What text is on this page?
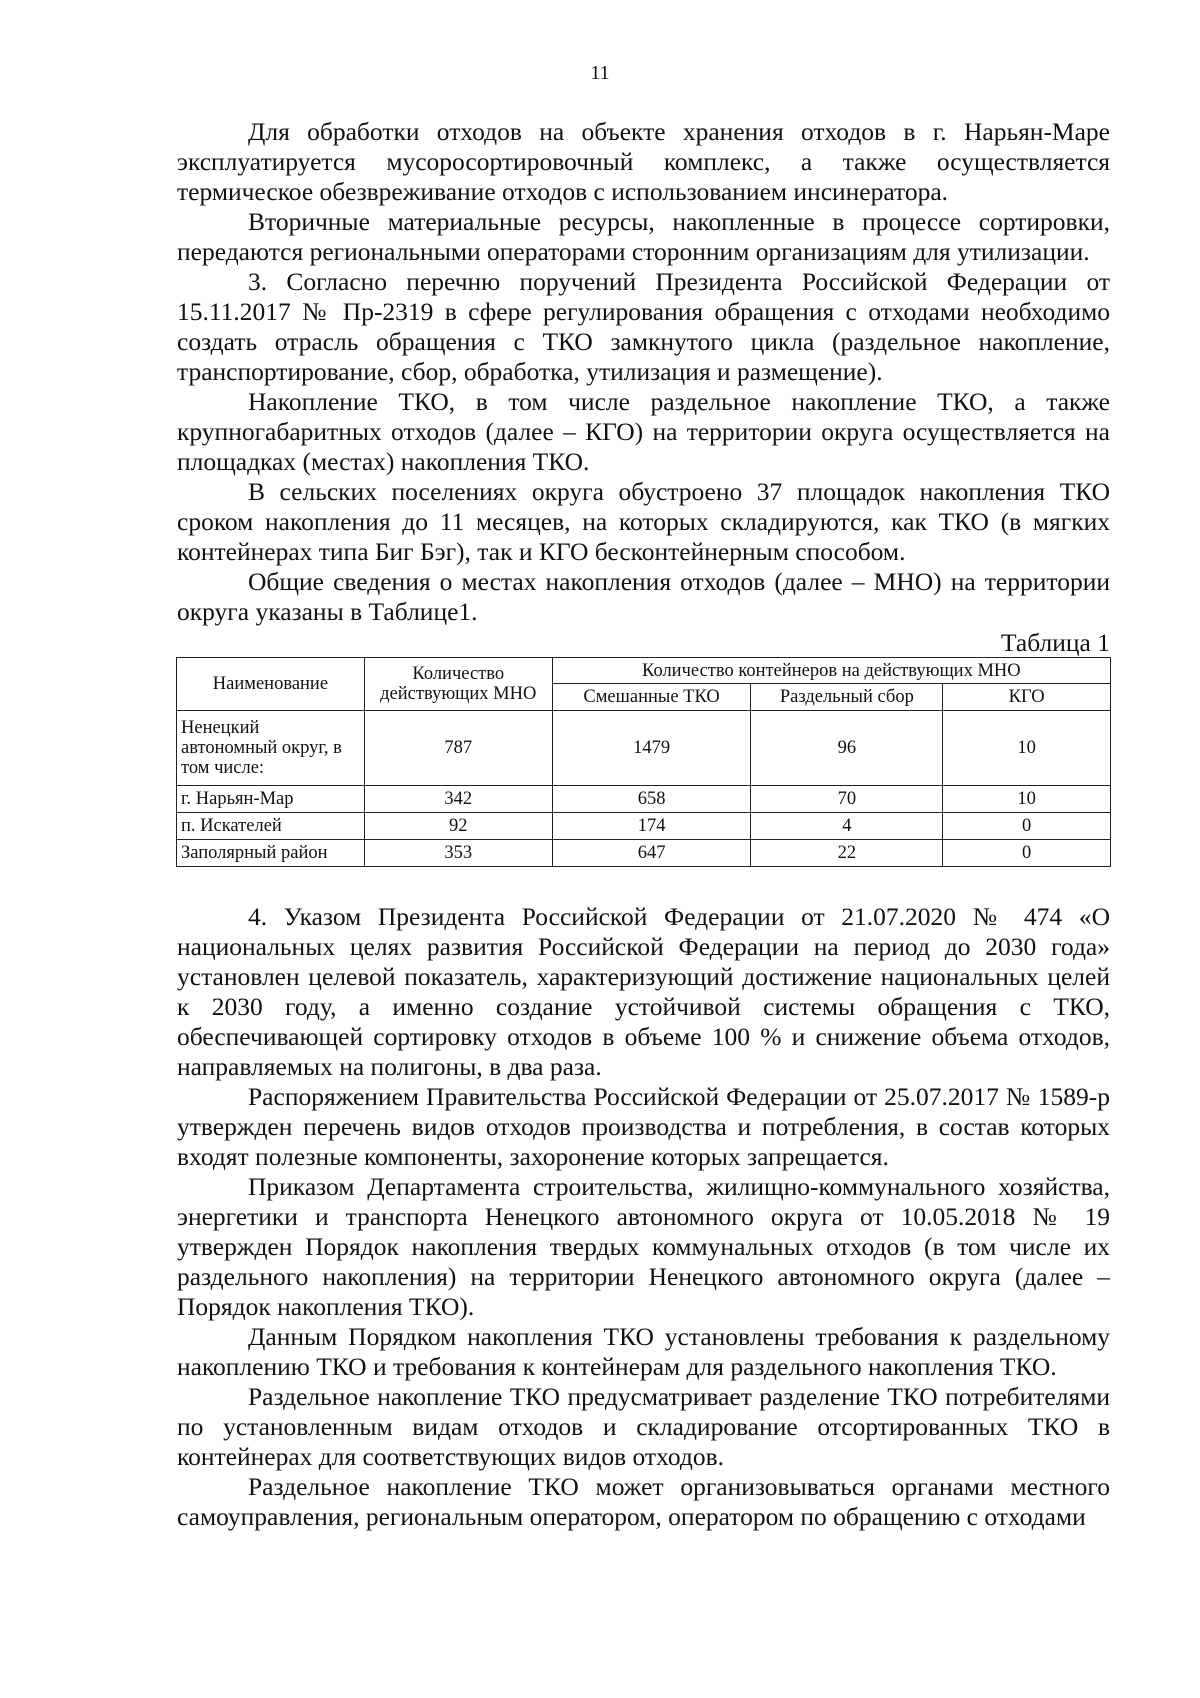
11

Для обработки отходов на объекте хранения отходов в г. Нарьян-Маре эксплуатируется мусоросортировочный комплекс, а также осуществляется термическое обезвреживание отходов с использованием инсинератора.

Вторичные материальные ресурсы, накопленные в процессе сортировки, передаются региональными операторами сторонним организациям для утилизации.

3. Согласно перечню поручений Президента Российской Федерации от 15.11.2017 № Пр-2319 в сфере регулирования обращения с отходами необходимо создать отрасль обращения с ТКО замкнутого цикла (раздельное накопление, транспортирование, сбор, обработка, утилизация и размещение).

Накопление ТКО, в том числе раздельное накопление ТКО, а также крупногабаритных отходов (далее – КГО) на территории округа осуществляется на площадках (местах) накопления ТКО.

В сельских поселениях округа обустроено 37 площадок накопления ТКО сроком накопления до 11 месяцев, на которых складируются, как ТКО (в мягких контейнерах типа Биг Бэг), так и КГО бесконтейнерным способом.

Общие сведения о местах накопления отходов (далее – МНО) на территории округа указаны в Таблице1.

Таблица 1
Наименование	Количество действующих МНО	Количество контейнеров на действующих МНО		
		Смешанные ТКО	Раздельный сбор	КГО
Ненецкий автономный округ, в том числе:	787	1479	96	10
г. Нарьян-Мар	342	658	70	10
п. Искателей	92	174	4	0
Заполярный район	353	647	22	0

4. Указом Президента Российской Федерации от 21.07.2020 № 474 «О национальных целях развития Российской Федерации на период до 2030 года» установлен целевой показатель, характеризующий достижение национальных целей к 2030 году, а именно создание устойчивой системы обращения с ТКО, обеспечивающей сортировку отходов в объеме 100 % и снижение объема отходов, направляемых на полигоны, в два раза.

Распоряжением Правительства Российской Федерации от 25.07.2017 № 1589-р утвержден перечень видов отходов производства и потребления, в состав которых входят полезные компоненты, захоронение которых запрещается.

Приказом Департамента строительства, жилищно-коммунального хозяйства, энергетики и транспорта Ненецкого автономного округа от 10.05.2018 № 19 утвержден Порядок накопления твердых коммунальных отходов (в том числе их раздельного накопления) на территории Ненецкого автономного округа (далее – Порядок накопления ТКО).

Данным Порядком накопления ТКО установлены требования к раздельному накоплению ТКО и требования к контейнерам для раздельного накопления ТКО.

Раздельное накопление ТКО предусматривает разделение ТКО потребителями по установленным видам отходов и складирование отсортированных ТКО в контейнерах для соответствующих видов отходов.

Раздельное накопление ТКО может организовываться органами местного самоуправления, региональным оператором, оператором по обращению с отходами
